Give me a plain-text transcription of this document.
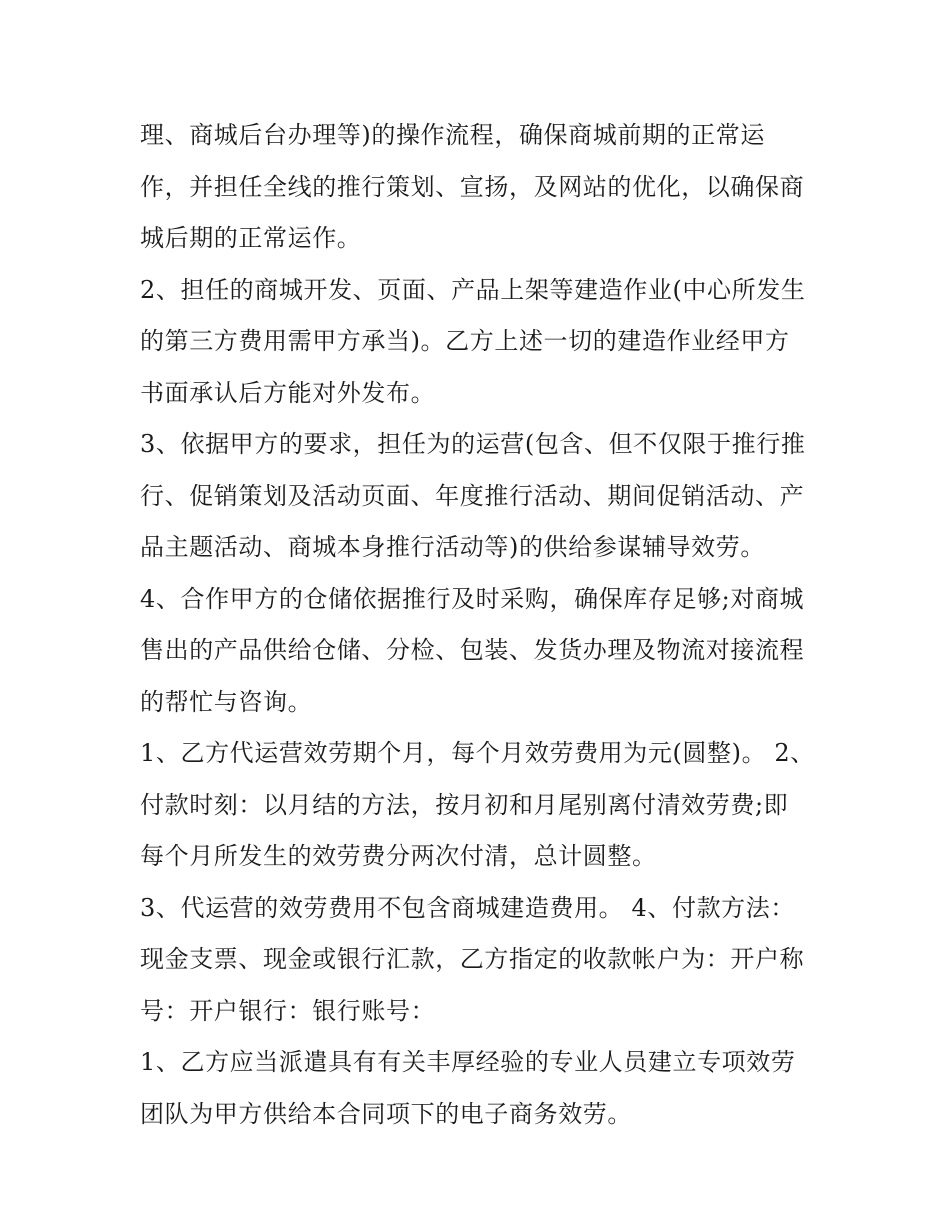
理、商城后台办理等)的操作流程，确保商城前期的正常运
作，并担任全线的推行策划、宣扬，及网站的优化，以确保商
城后期的正常运作。
2、担任的商城开发、页面、产品上架等建造作业(中心所发生
的第三方费用需甲方承当)。乙方上述一切的建造作业经甲方
书面承认后方能对外发布。
3、依据甲方的要求，担任为的运营(包含、但不仅限于推行推
行、促销策划及活动页面、年度推行活动、期间促销活动、产
品主题活动、商城本身推行活动等)的供给参谋辅导效劳。
4、合作甲方的仓储依据推行及时采购，确保库存足够;对商城
售出的产品供给仓储、分检、包装、发货办理及物流对接流程
的帮忙与咨询。
1、乙方代运营效劳期个月，每个月效劳费用为元(圆整)。 2、
付款时刻：以月结的方法，按月初和月尾别离付清效劳费;即
每个月所发生的效劳费分两次付清，总计圆整。
3、代运营的效劳费用不包含商城建造费用。 4、付款方法：
现金支票、现金或银行汇款，乙方指定的收款帐户为：开户称
号：开户银行：银行账号：
1、乙方应当派遣具有有关丰厚经验的专业人员建立专项效劳
团队为甲方供给本合同项下的电子商务效劳。
